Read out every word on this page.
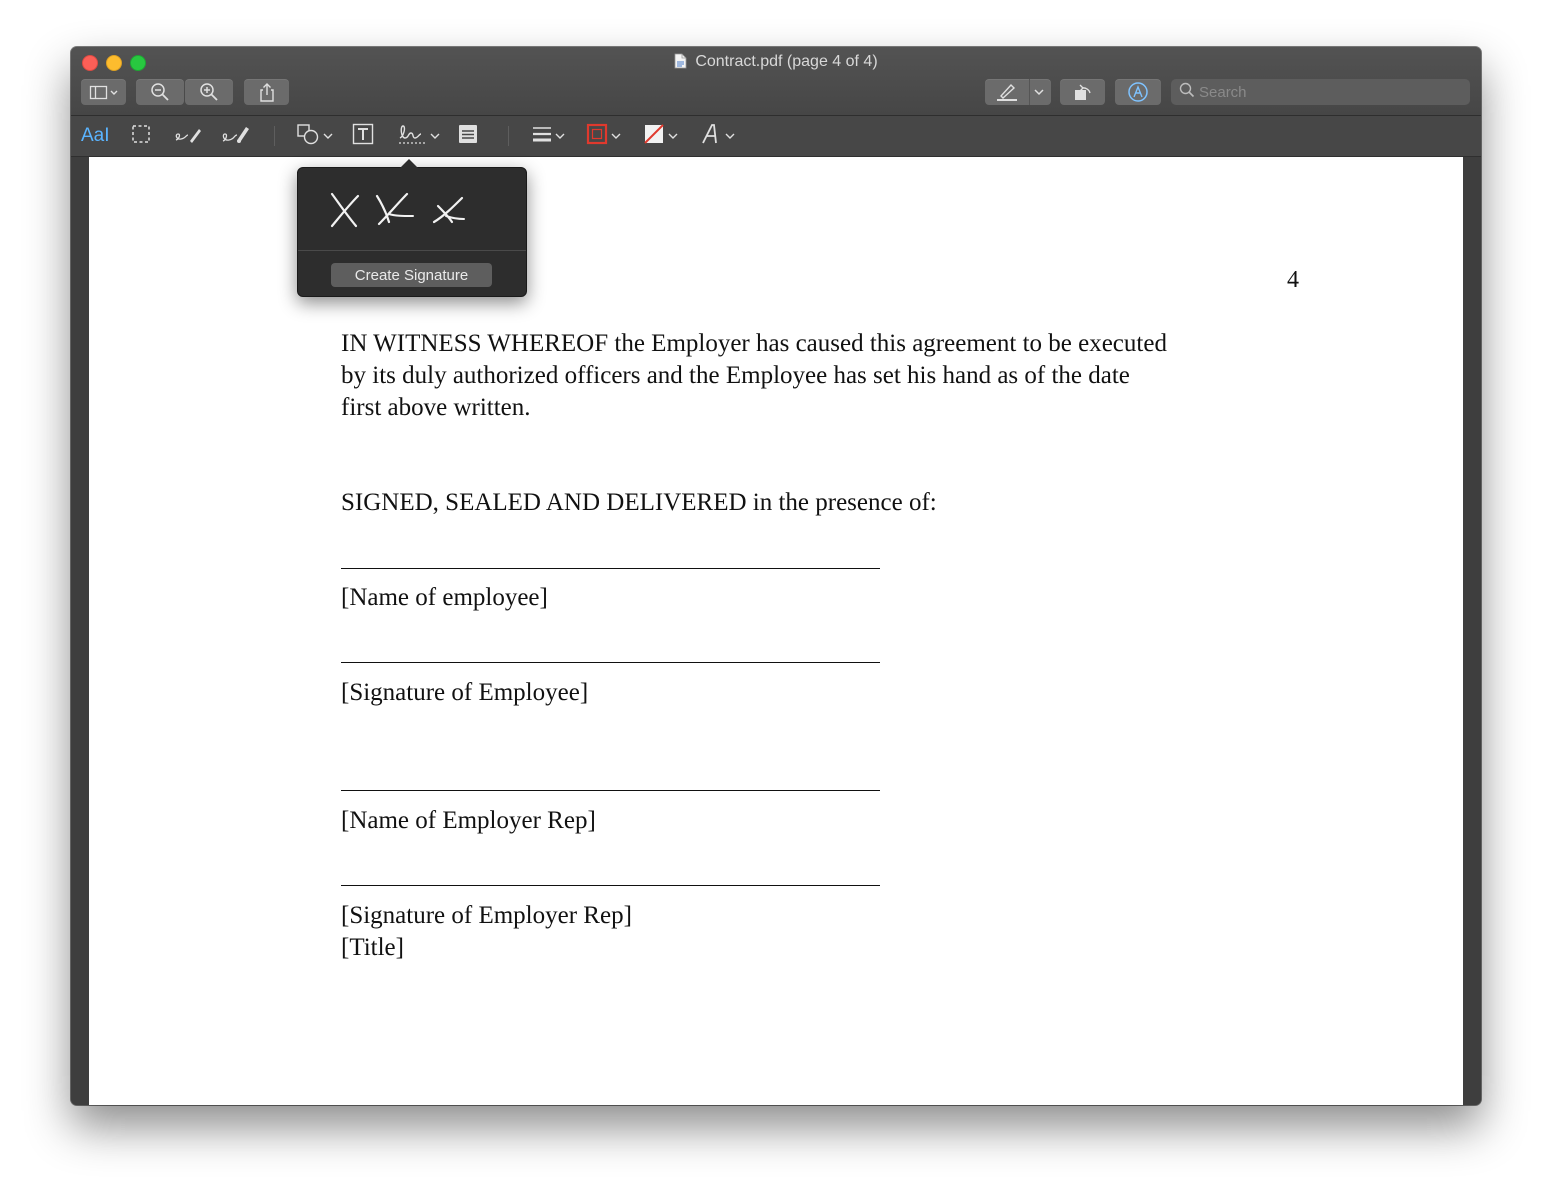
Contract.pdf (page 4 of 4)
Search
AaI
4

IN WITNESS WHEREOF the Employer has caused this agreement to be executed by its duly authorized officers and the Employee has set his hand as of the date first above written.

SIGNED, SEALED AND DELIVERED in the presence of:
[Name of employee]
[Signature of Employee]
[Name of Employer Rep]
[Signature of Employer Rep]
[Title]
Create Signature
